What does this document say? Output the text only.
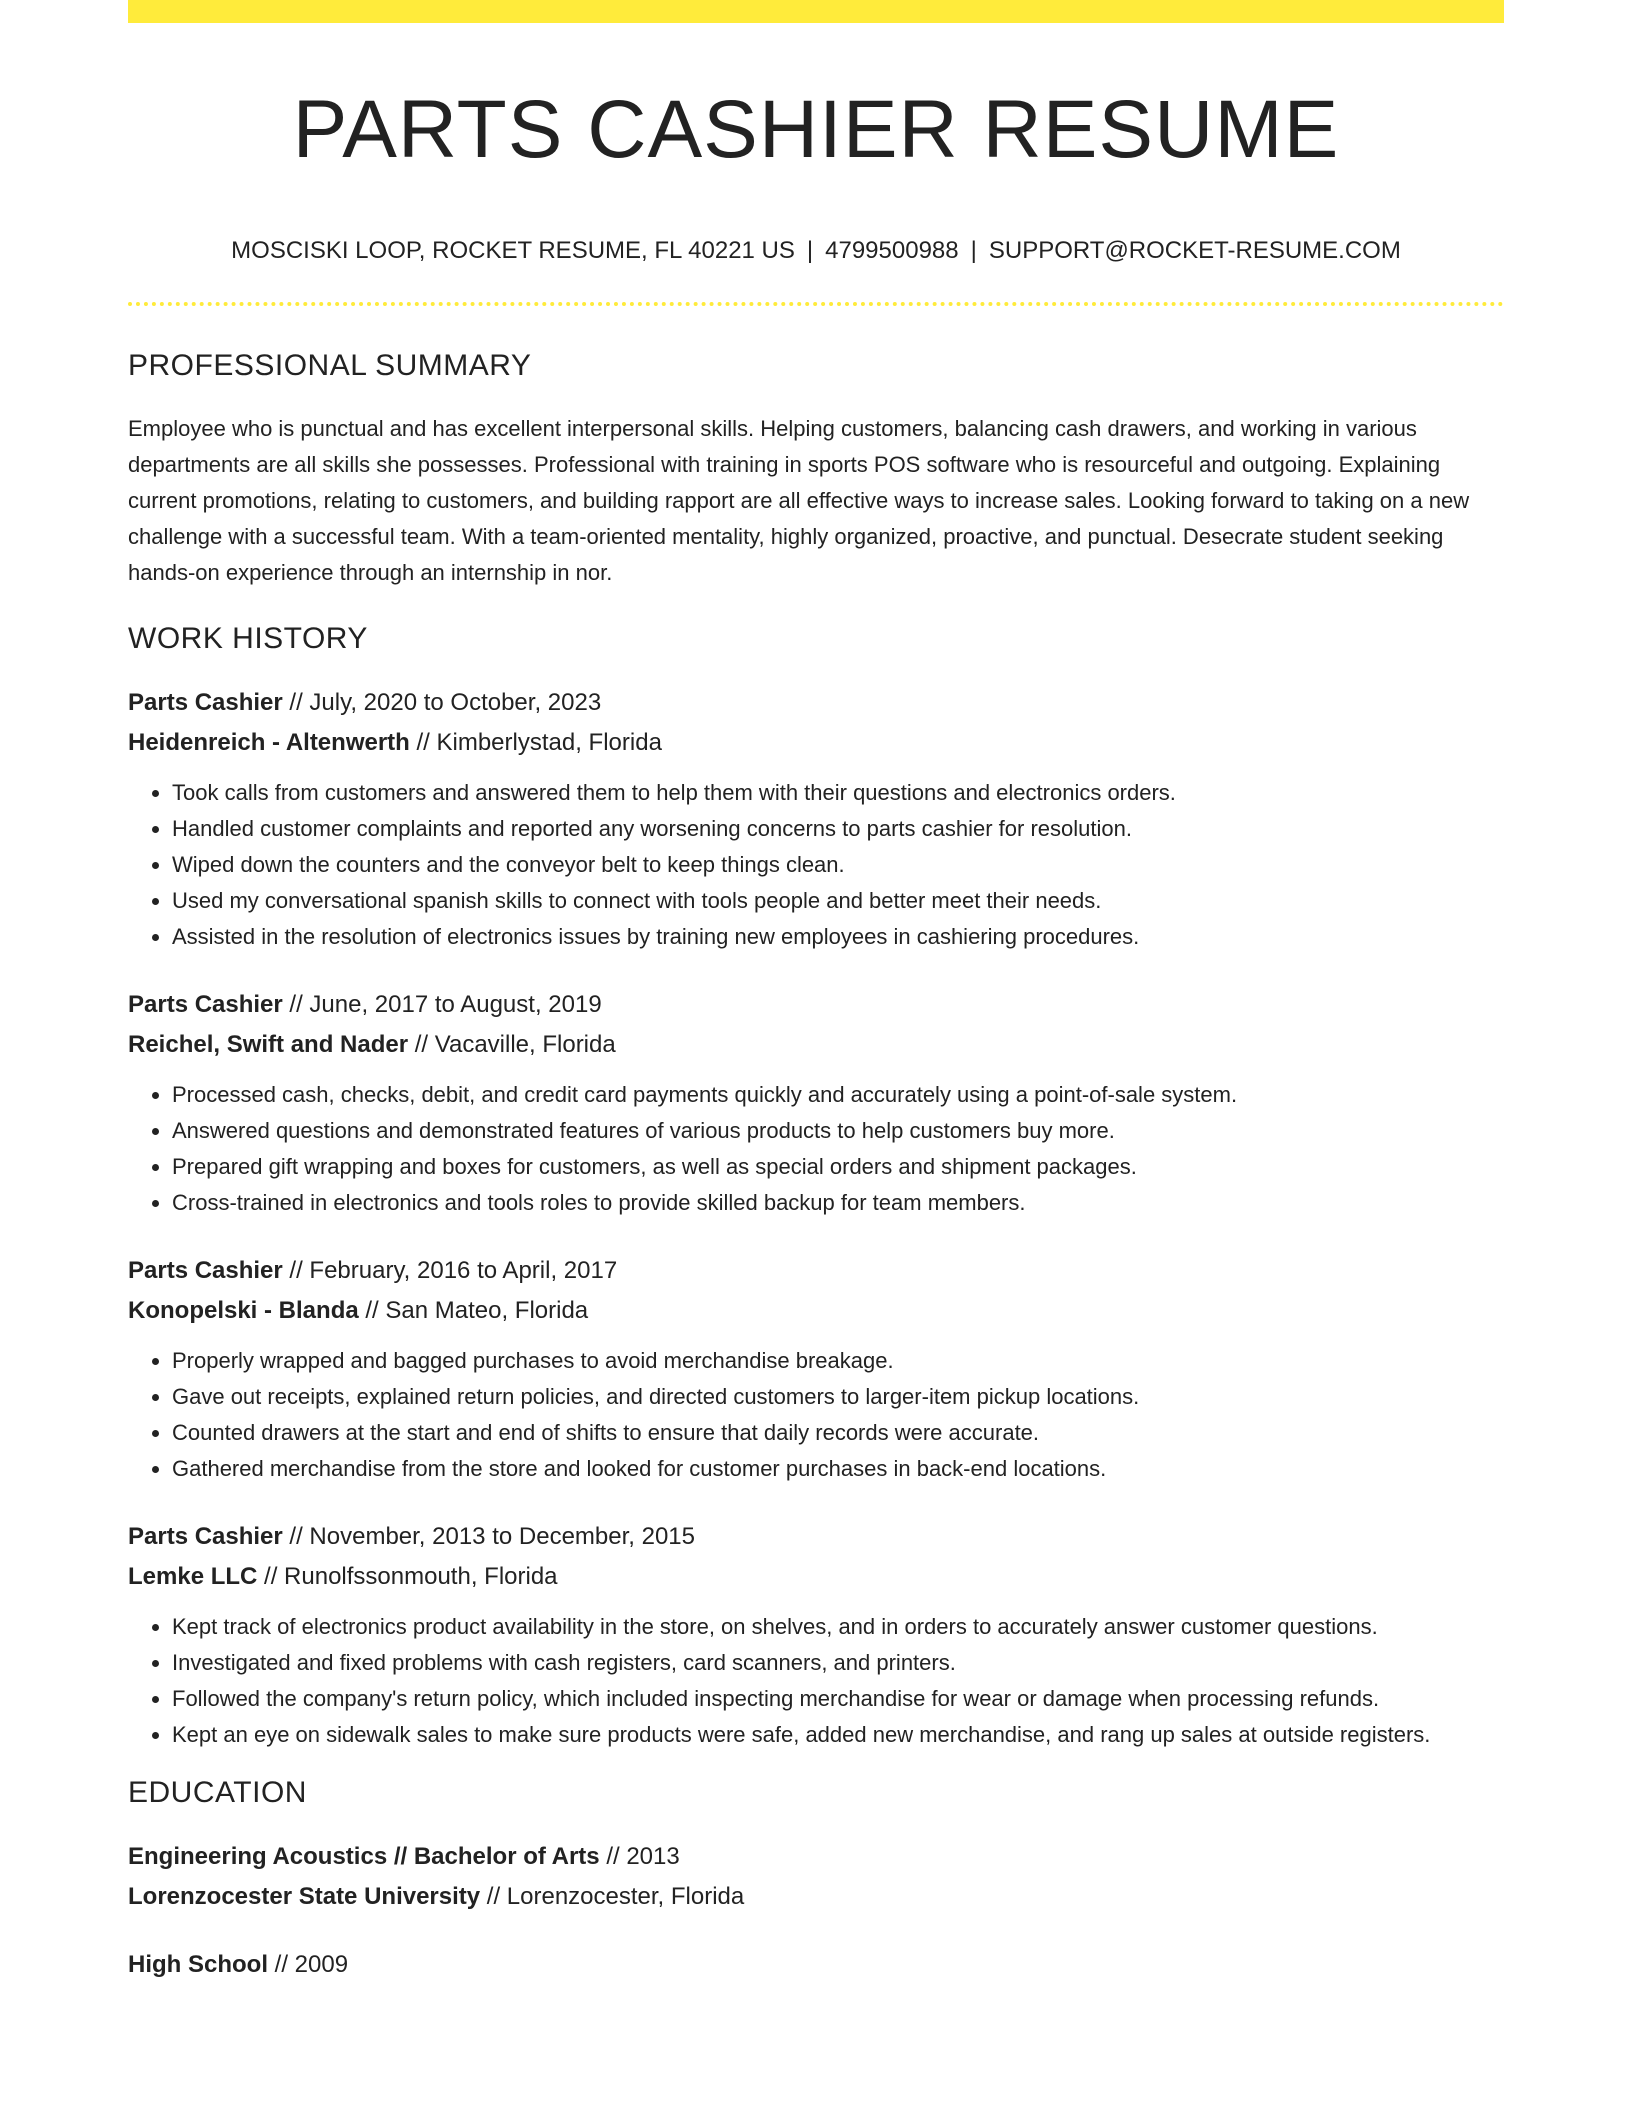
PARTS CASHIER RESUME
MOSCISKI LOOP, ROCKET RESUME, FL 40221 US | 4799500988 | SUPPORT@ROCKET-RESUME.COM
PROFESSIONAL SUMMARY
Employee who is punctual and has excellent interpersonal skills. Helping customers, balancing cash drawers, and working in various departments are all skills she possesses. Professional with training in sports POS software who is resourceful and outgoing. Explaining current promotions, relating to customers, and building rapport are all effective ways to increase sales. Looking forward to taking on a new challenge with a successful team. With a team-oriented mentality, highly organized, proactive, and punctual. Desecrate student seeking hands-on experience through an internship in nor.
WORK HISTORY
Parts Cashier // July, 2020 to October, 2023
Heidenreich - Altenwerth // Kimberlystad, Florida
• Took calls from customers and answered them to help them with their questions and electronics orders.
• Handled customer complaints and reported any worsening concerns to parts cashier for resolution.
• Wiped down the counters and the conveyor belt to keep things clean.
• Used my conversational spanish skills to connect with tools people and better meet their needs.
• Assisted in the resolution of electronics issues by training new employees in cashiering procedures.
Parts Cashier // June, 2017 to August, 2019
Reichel, Swift and Nader // Vacaville, Florida
• Processed cash, checks, debit, and credit card payments quickly and accurately using a point-of-sale system.
• Answered questions and demonstrated features of various products to help customers buy more.
• Prepared gift wrapping and boxes for customers, as well as special orders and shipment packages.
• Cross-trained in electronics and tools roles to provide skilled backup for team members.
Parts Cashier // February, 2016 to April, 2017
Konopelski - Blanda // San Mateo, Florida
• Properly wrapped and bagged purchases to avoid merchandise breakage.
• Gave out receipts, explained return policies, and directed customers to larger-item pickup locations.
• Counted drawers at the start and end of shifts to ensure that daily records were accurate.
• Gathered merchandise from the store and looked for customer purchases in back-end locations.
Parts Cashier // November, 2013 to December, 2015
Lemke LLC // Runolfssonmouth, Florida
• Kept track of electronics product availability in the store, on shelves, and in orders to accurately answer customer questions.
• Investigated and fixed problems with cash registers, card scanners, and printers.
• Followed the company's return policy, which included inspecting merchandise for wear or damage when processing refunds.
• Kept an eye on sidewalk sales to make sure products were safe, added new merchandise, and rang up sales at outside registers.
EDUCATION
Engineering Acoustics // Bachelor of Arts // 2013
Lorenzocester State University // Lorenzocester, Florida
High School // 2009
